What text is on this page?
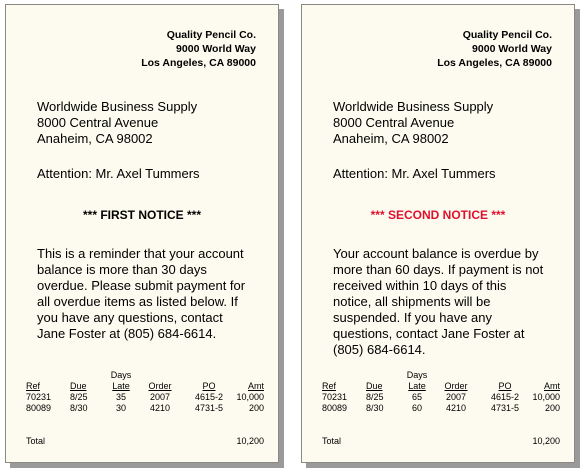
Quality Pencil Co.
9000 World Way
Los Angeles, CA 89000
Worldwide Business Supply
8000 Central Avenue
Anaheim, CA 98002
Attention: Mr. Axel Tummers
*** FIRST NOTICE ***
This is a reminder that your account balance is more than 30 days overdue. Please submit payment for all overdue items as listed below. If you have any questions, contact Jane Foster at (805) 684-6614.
Days
Ref	Due	Late	Order	PO	Amt
70231 8/25	35	2007	4615-2	10,000
80089 8/30	30	4210	4731-5	200
Total	10,200
Quality Pencil Co.
9000 World Way
Los Angeles, CA 89000
Worldwide Business Supply
8000 Central Avenue
Anaheim, CA 98002
Attention: Mr. Axel Tummers
*** SECOND NOTICE ***
Your account balance is overdue by more than 60 days. If payment is not received within 10 days of this notice, all shipments will be suspended. If you have any questions, contact Jane Foster at (805) 684-6614.
Days
Ref	Due	Late	Order	PO	Amt
70231 8/25	65	2007	4615-2	10,000
80089 8/30	60	4210	4731-5	200
Total	10,200
